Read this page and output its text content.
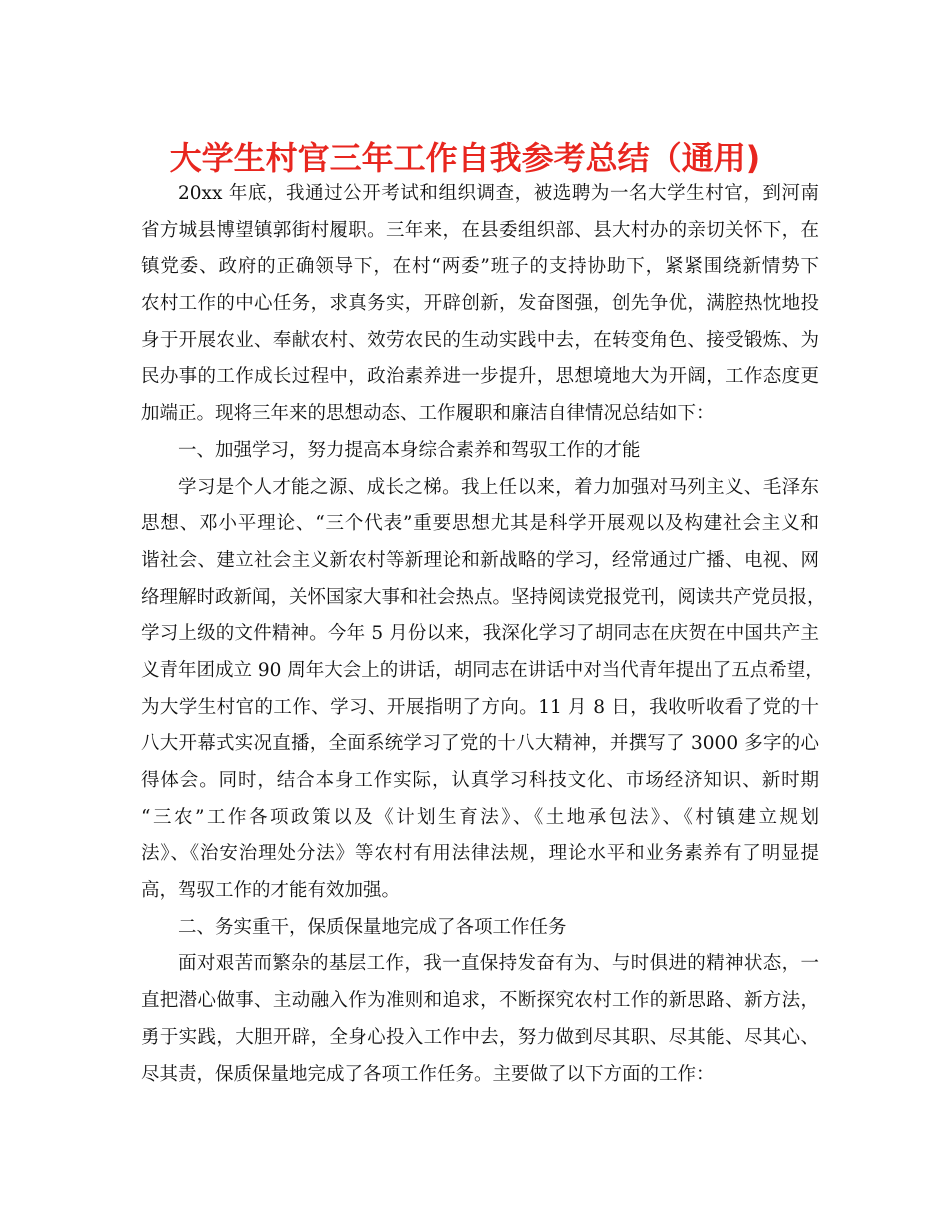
大学生村官三年工作自我参考总结（通用)
20xx 年底，我通过公开考试和组织调查，被选聘为一名大学生村官，到河南
省方城县博望镇郭街村履职。三年来，在县委组织部、县大村办的亲切关怀下，在
镇党委、政府的正确领导下，在村“两委”班子的支持协助下，紧紧围绕新情势下
农村工作的中心任务，求真务实，开辟创新，发奋图强，创先争优，满腔热忱地投
身于开展农业、奉献农村、效劳农民的生动实践中去，在转变角色、接受锻炼、为
民办事的工作成长过程中，政治素养进一步提升，思想境地大为开阔，工作态度更
加端正。现将三年来的思想动态、工作履职和廉洁自律情况总结如下：
一、加强学习，努力提高本身综合素养和驾驭工作的才能
学习是个人才能之源、成长之梯。我上任以来，着力加强对马列主义、毛泽东
思想、邓小平理论、“三个代表”重要思想尤其是科学开展观以及构建社会主义和
谐社会、建立社会主义新农村等新理论和新战略的学习，经常通过广播、电视、网
络理解时政新闻，关怀国家大事和社会热点。坚持阅读党报党刊，阅读共产党员报，
学习上级的文件精神。今年 5 月份以来，我深化学习了胡同志在庆贺在中国共产主
义青年团成立 90 周年大会上的讲话，胡同志在讲话中对当代青年提出了五点希望，
为大学生村官的工作、学习、开展指明了方向。11 月 8 日，我收听收看了党的十
八大开幕式实况直播，全面系统学习了党的十八大精神，并撰写了 3000 多字的心
得体会。同时，结合本身工作实际，认真学习科技文化、市场经济知识、新时期
“三农”工作各项政策以及《计划生育法》、《土地承包法》、《村镇建立规划
法》、《治安治理处分法》等农村有用法律法规，理论水平和业务素养有了明显提
高，驾驭工作的才能有效加强。
二、务实重干，保质保量地完成了各项工作任务
面对艰苦而繁杂的基层工作，我一直保持发奋有为、与时俱进的精神状态，一
直把潜心做事、主动融入作为准则和追求，不断探究农村工作的新思路、新方法，
勇于实践，大胆开辟，全身心投入工作中去，努力做到尽其职、尽其能、尽其心、
尽其责，保质保量地完成了各项工作任务。主要做了以下方面的工作：
